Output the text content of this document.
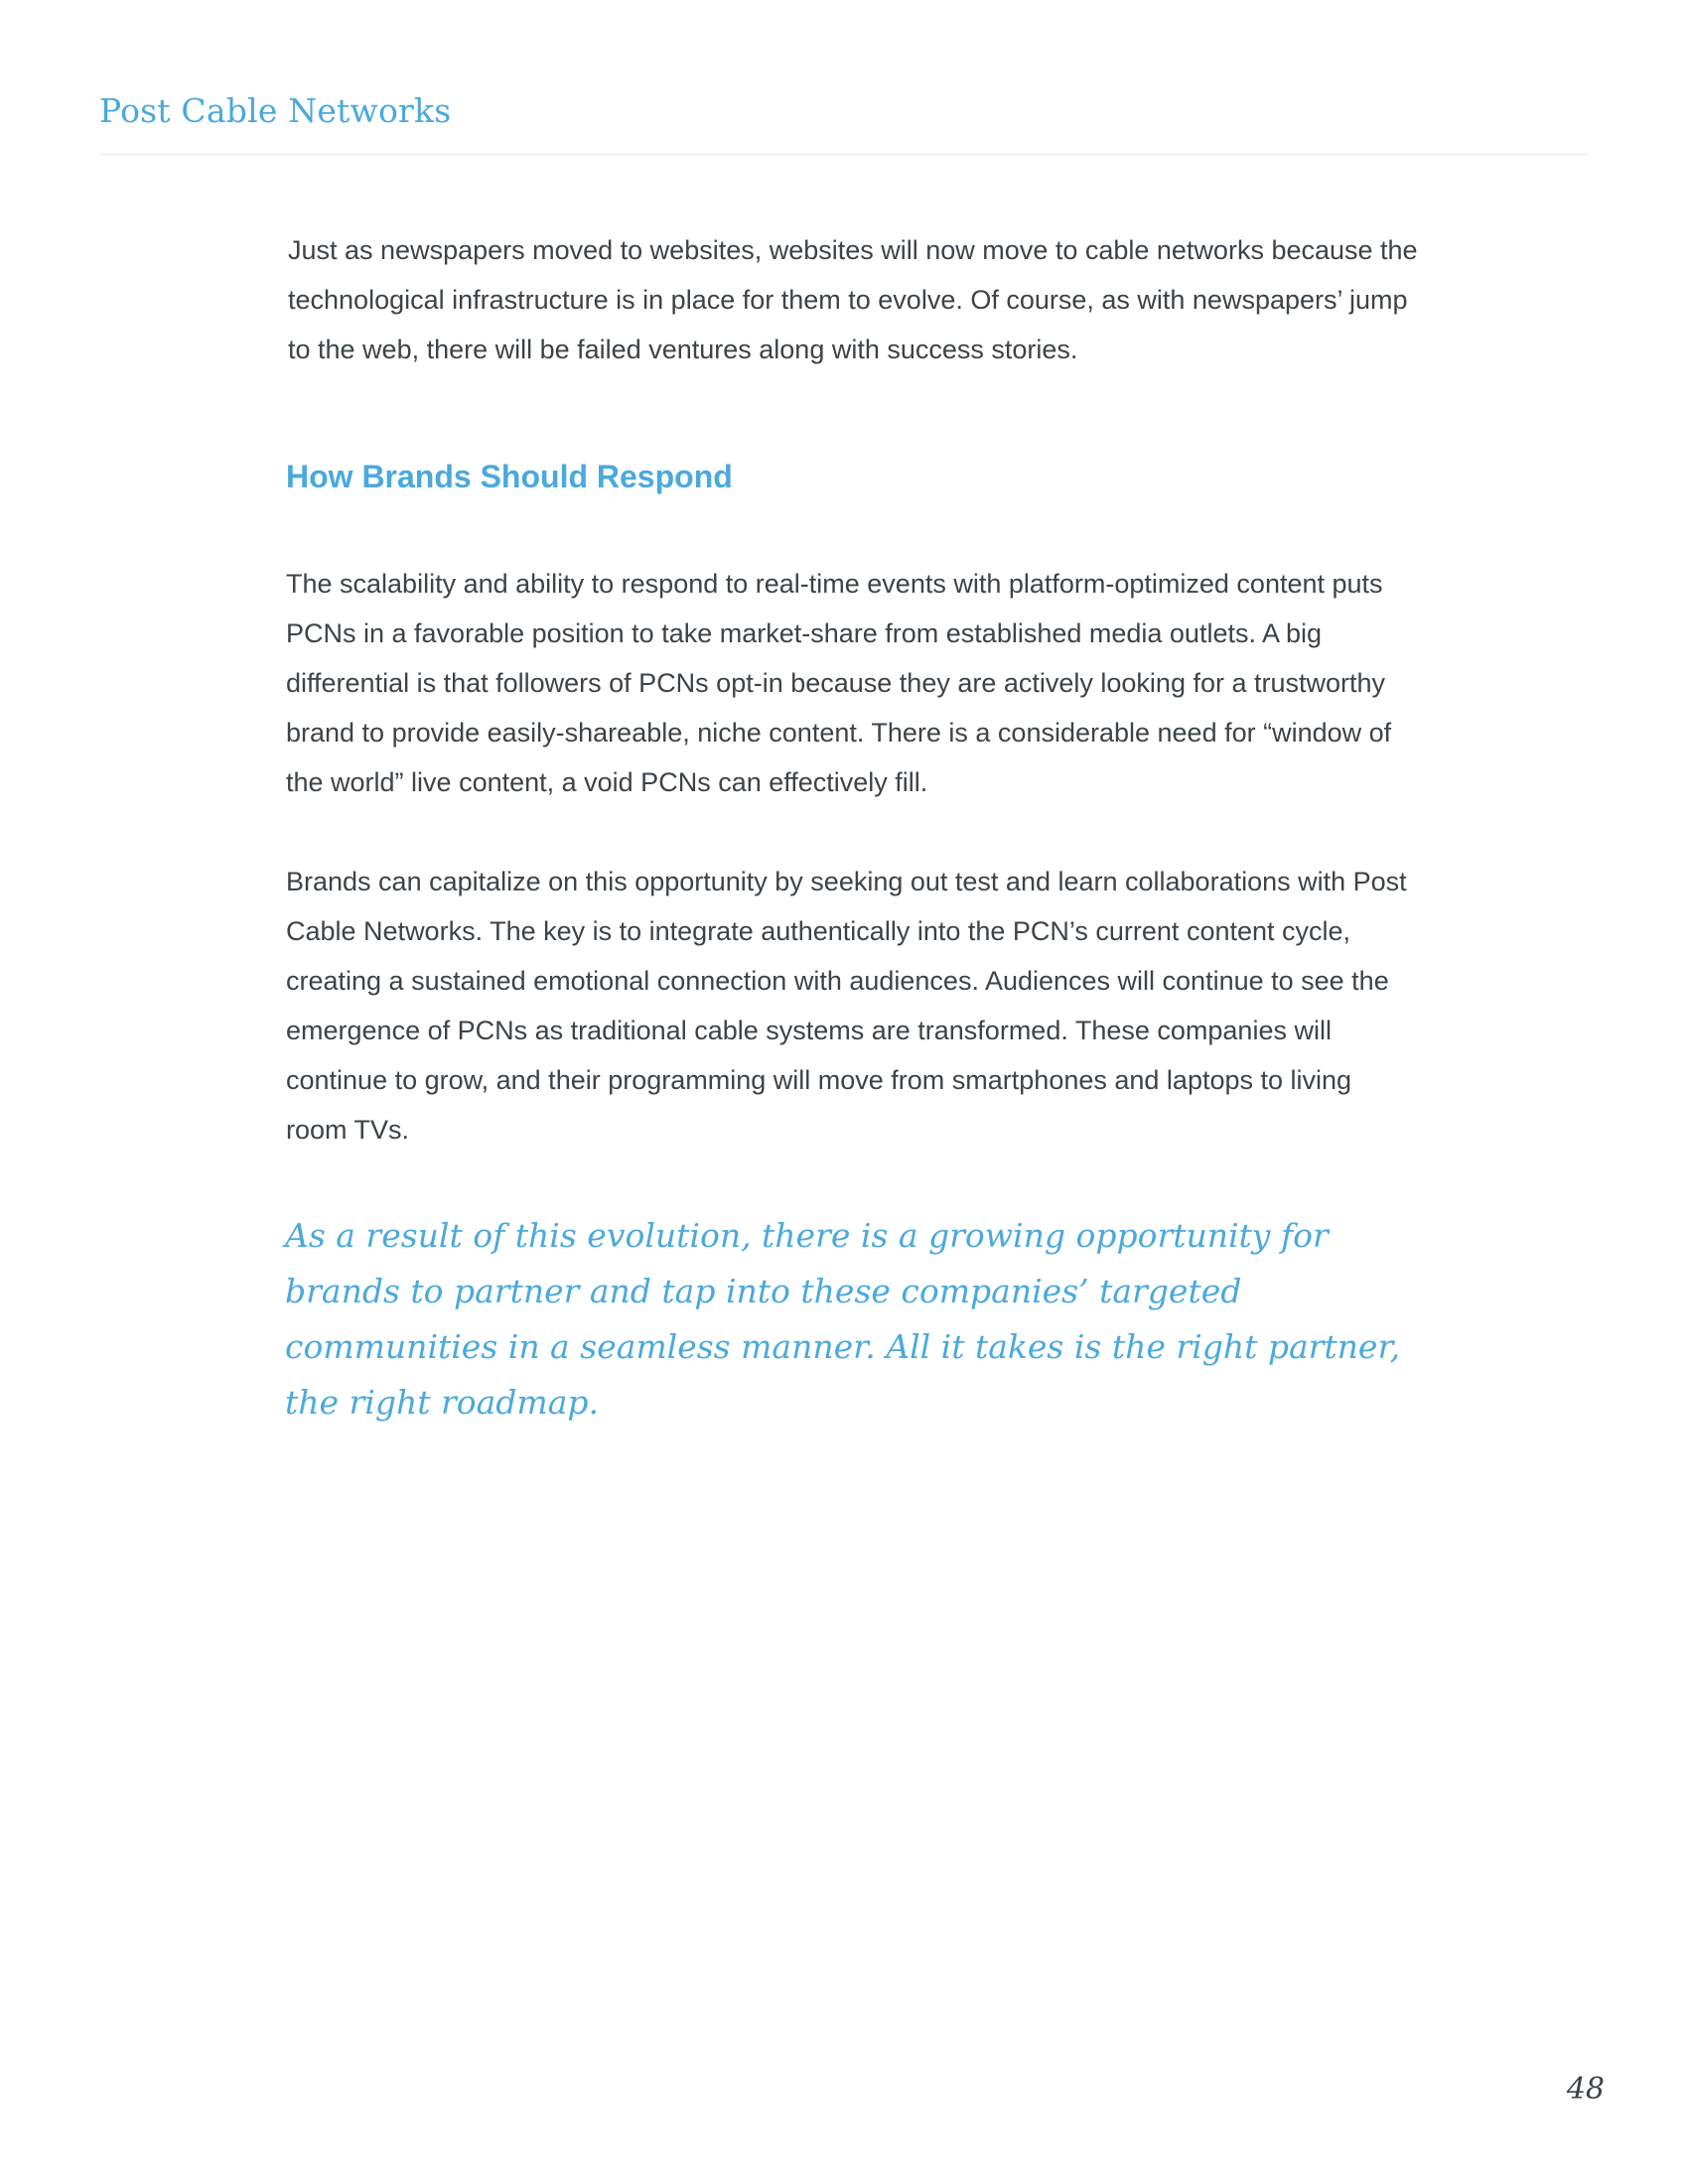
Post Cable Networks

Just as newspapers moved to websites, websites will now move to cable networks because the technological infrastructure is in place for them to evolve. Of course, as with newspapers’ jump to the web, there will be failed ventures along with success stories.

How Brands Should Respond

The scalability and ability to respond to real-time events with platform-optimized content puts PCNs in a favorable position to take market-share from established media outlets. A big differential is that followers of PCNs opt-in because they are actively looking for a trustworthy brand to provide easily-shareable, niche content. There is a considerable need for “window of the world” live content, a void PCNs can effectively fill.

Brands can capitalize on this opportunity by seeking out test and learn collaborations with Post Cable Networks. The key is to integrate authentically into the PCN’s current content cycle, creating a sustained emotional connection with audiences. Audiences will continue to see the emergence of PCNs as traditional cable systems are transformed. These companies will continue to grow, and their programming will move from smartphones and laptops to living room TVs.

As a result of this evolution, there is a growing opportunity for brands to partner and tap into these companies’ targeted communities in a seamless manner. All it takes is the right partner, the right roadmap.

48
